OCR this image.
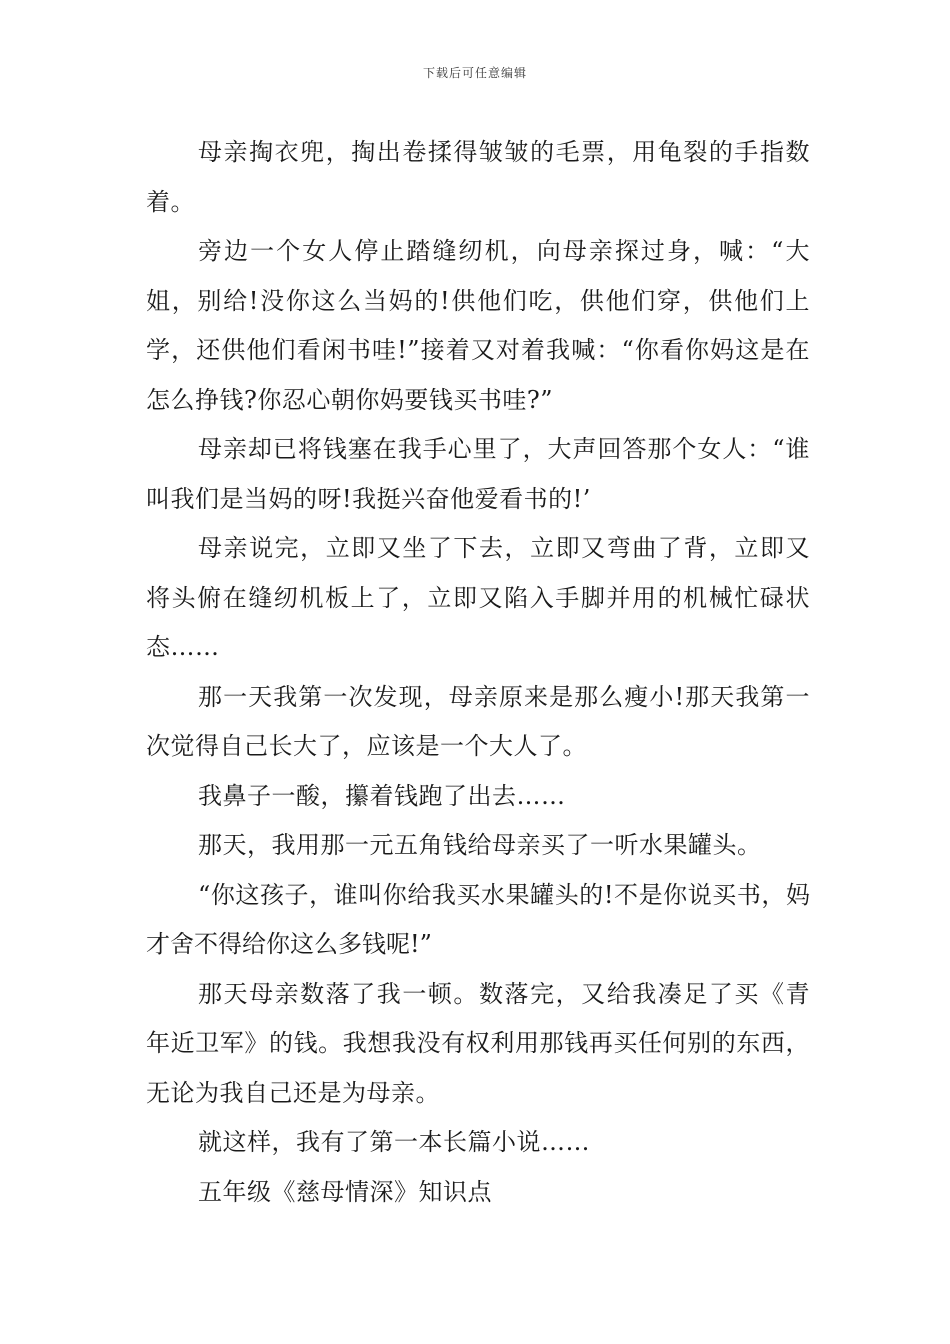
下载后可任意编辑

母亲掏衣兜，掏出卷揉得皱皱的毛票，用龟裂的手指数着。

旁边一个女人停止踏缝纫机，向母亲探过身，喊：“大姐，别给!没你这么当妈的!供他们吃，供他们穿，供他们上学，还供他们看闲书哇!”接着又对着我喊：“你看你妈这是在怎么挣钱?你忍心朝你妈要钱买书哇?”

母亲却已将钱塞在我手心里了，大声回答那个女人：“谁叫我们是当妈的呀!我挺兴奋他爱看书的!’

母亲说完，立即又坐了下去，立即又弯曲了背，立即又将头俯在缝纫机板上了，立即又陷入手脚并用的机械忙碌状态……

那一天我第一次发现，母亲原来是那么瘦小!那天我第一次觉得自己长大了，应该是一个大人了。

我鼻子一酸，攥着钱跑了出去……

那天，我用那一元五角钱给母亲买了一听水果罐头。

“你这孩子，谁叫你给我买水果罐头的!不是你说买书，妈才舍不得给你这么多钱呢!”

那天母亲数落了我一顿。数落完，又给我凑足了买《青年近卫军》的钱。我想我没有权利用那钱再买任何别的东西，无论为我自己还是为母亲。

就这样，我有了第一本长篇小说……

五年级《慈母情深》知识点
